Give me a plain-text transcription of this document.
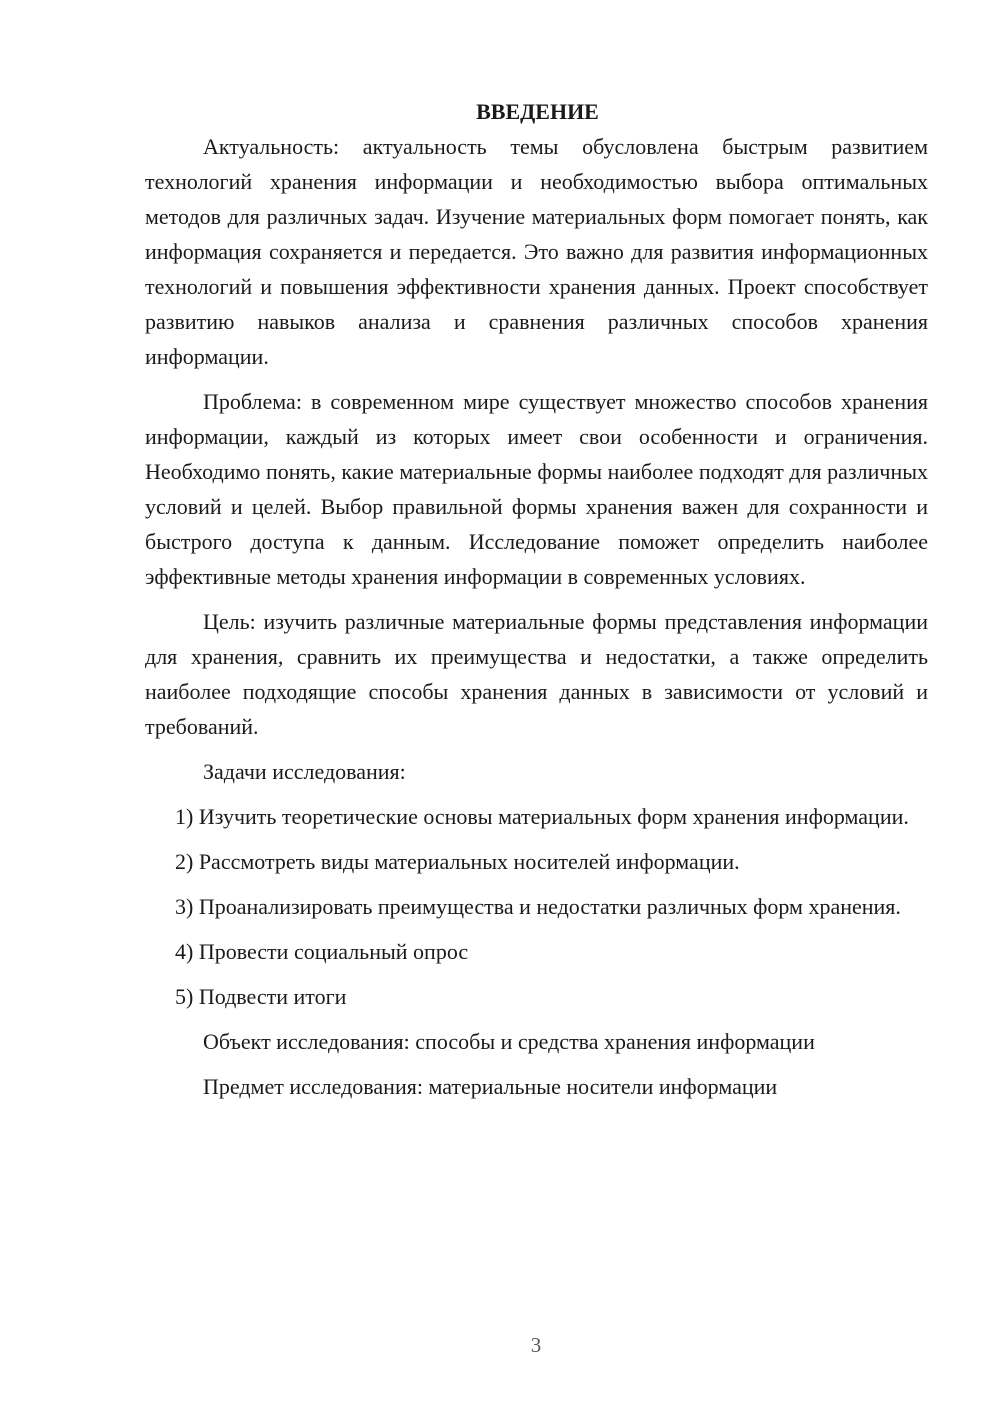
ВВЕДЕНИЕ

Актуальность: актуальность темы обусловлена быстрым развитием технологий хранения информации и необходимостью выбора оптимальных методов для различных задач. Изучение материальных форм помогает понять, как информация сохраняется и передается. Это важно для развития информационных технологий и повышения эффективности хранения данных. Проект способствует развитию навыков анализа и сравнения различных способов хранения информации.

Проблема: в современном мире существует множество способов хранения информации, каждый из которых имеет свои особенности и ограничения. Необходимо понять, какие материальные формы наиболее подходят для различных условий и целей. Выбор правильной формы хранения важен для сохранности и быстрого доступа к данным. Исследование поможет определить наиболее эффективные методы хранения информации в современных условиях.

Цель: изучить различные материальные формы представления информации для хранения, сравнить их преимущества и недостатки, а также определить наиболее подходящие способы хранения данных в зависимости от условий и требований.

Задачи исследования:

1) Изучить теоретические основы материальных форм хранения информации.

2) Рассмотреть виды материальных носителей информации.

3) Проанализировать преимущества и недостатки различных форм хранения.

4) Провести социальный опрос

5) Подвести итоги

Объект исследования: способы и средства хранения информации

Предмет исследования: материальные носители информации

3
